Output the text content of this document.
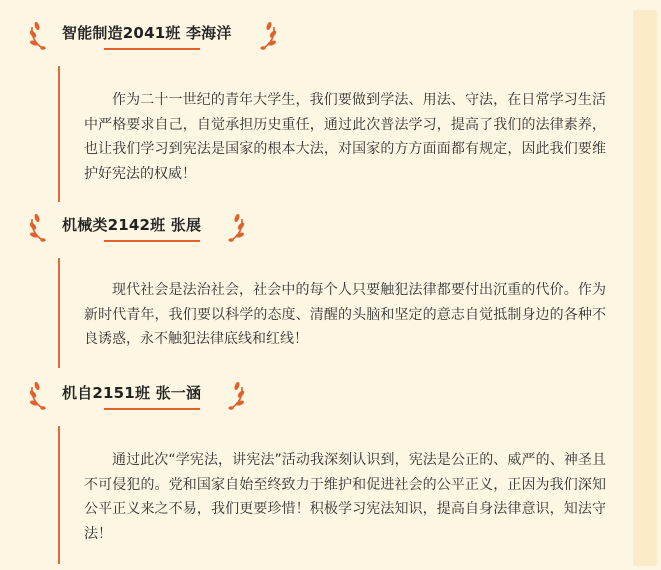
智能制造2041班 李海洋

作为二十一世纪的青年大学生，我们要做到学法、用法、守法，在日常学习生活中严格要求自己，自觉承担历史重任，通过此次普法学习，提高了我们的法律素养，也让我们学习到宪法是国家的根本大法，对国家的方方面面都有规定，因此我们要维护好宪法的权威！

机械类2142班 张展

现代社会是法治社会，社会中的每个人只要触犯法律都要付出沉重的代价。作为新时代青年，我们要以科学的态度、清醒的头脑和坚定的意志自觉抵制身边的各种不良诱惑，永不触犯法律底线和红线！

机自2151班 张一涵

通过此次“学宪法，讲宪法”活动我深刻认识到，宪法是公正的、威严的、神圣且不可侵犯的。党和国家自始至终致力于维护和促进社会的公平正义，正因为我们深知公平正义来之不易，我们更要珍惜！积极学习宪法知识，提高自身法律意识，知法守法！
